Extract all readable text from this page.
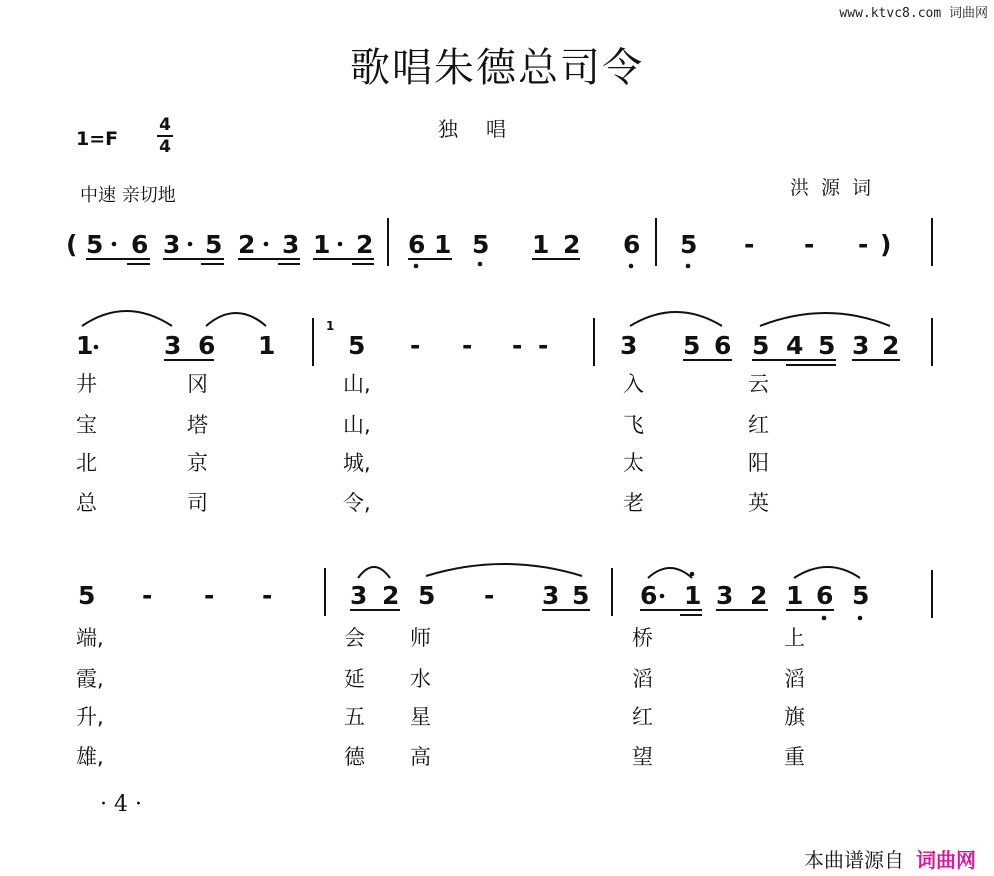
www.ktvc8.com 词曲网
歌唱朱德总司令
1=F
4
4
独唱
中速 亲切地	洪源词
( 5 6 3 5 2 3 1 2 6 1 5 1 2 6 5 - - - )
1	3 6 1
1
5 - - - -	3 5 6 5 4 5 3 2
井	冈	山,	入	云
宝	塔	山,	飞	红
北	京	城,	太	阳
总	司	令,	老	英
5 - - -	3 2 5 - 3 5 6 1 3 2 1 6 5
端,	会 师	桥	上
霞,	延 水	滔	滔
升,	五 星	红	旗
雄,	德 高	望	重
· 4 ·
本曲谱源自 词曲网
